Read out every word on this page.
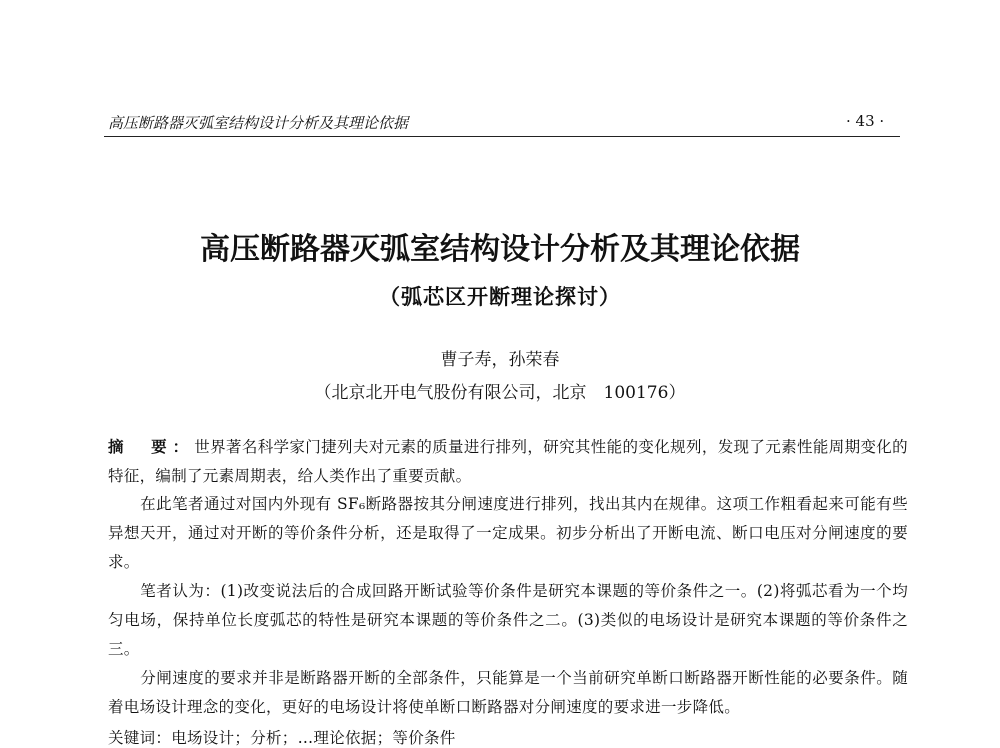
高压断路器灭弧室结构设计分析及其理论依据	· 43 ·
高压断路器灭弧室结构设计分析及其理论依据
（弧芯区开断理论探讨）
曹子寿，孙荣春
（北京北开电气股份有限公司，北京　100176）
摘　要：世界著名科学家门捷列夫对元素的质量进行排列，研究其性能的变化规列，发现了元素性能周期变化的特征，编制了元素周期表，给人类作出了重要贡献。
在此笔者通过对国内外现有 SF₆断路器按其分闸速度进行排列，找出其内在规律。这项工作粗看起来可能有些异想天开，通过对开断的等价条件分析，还是取得了一定成果。初步分析出了开断电流、断口电压对分闸速度的要求。
笔者认为：(1)改变说法后的合成回路开断试验等价条件是研究本课题的等价条件之一。(2)将弧芯看为一个均匀电场，保持单位长度弧芯的特性是研究本课题的等价条件之二。(3)类似的电场设计是研究本课题的等价条件之三。
分闸速度的要求并非是断路器开断的全部条件，只能算是一个当前研究单断口断路器开断性能的必要条件。随着电场设计理念的变化，更好的电场设计将使单断口断路器对分闸速度的要求进一步降低。
关键词：电场设计；分析；…理论依据；等价条件
